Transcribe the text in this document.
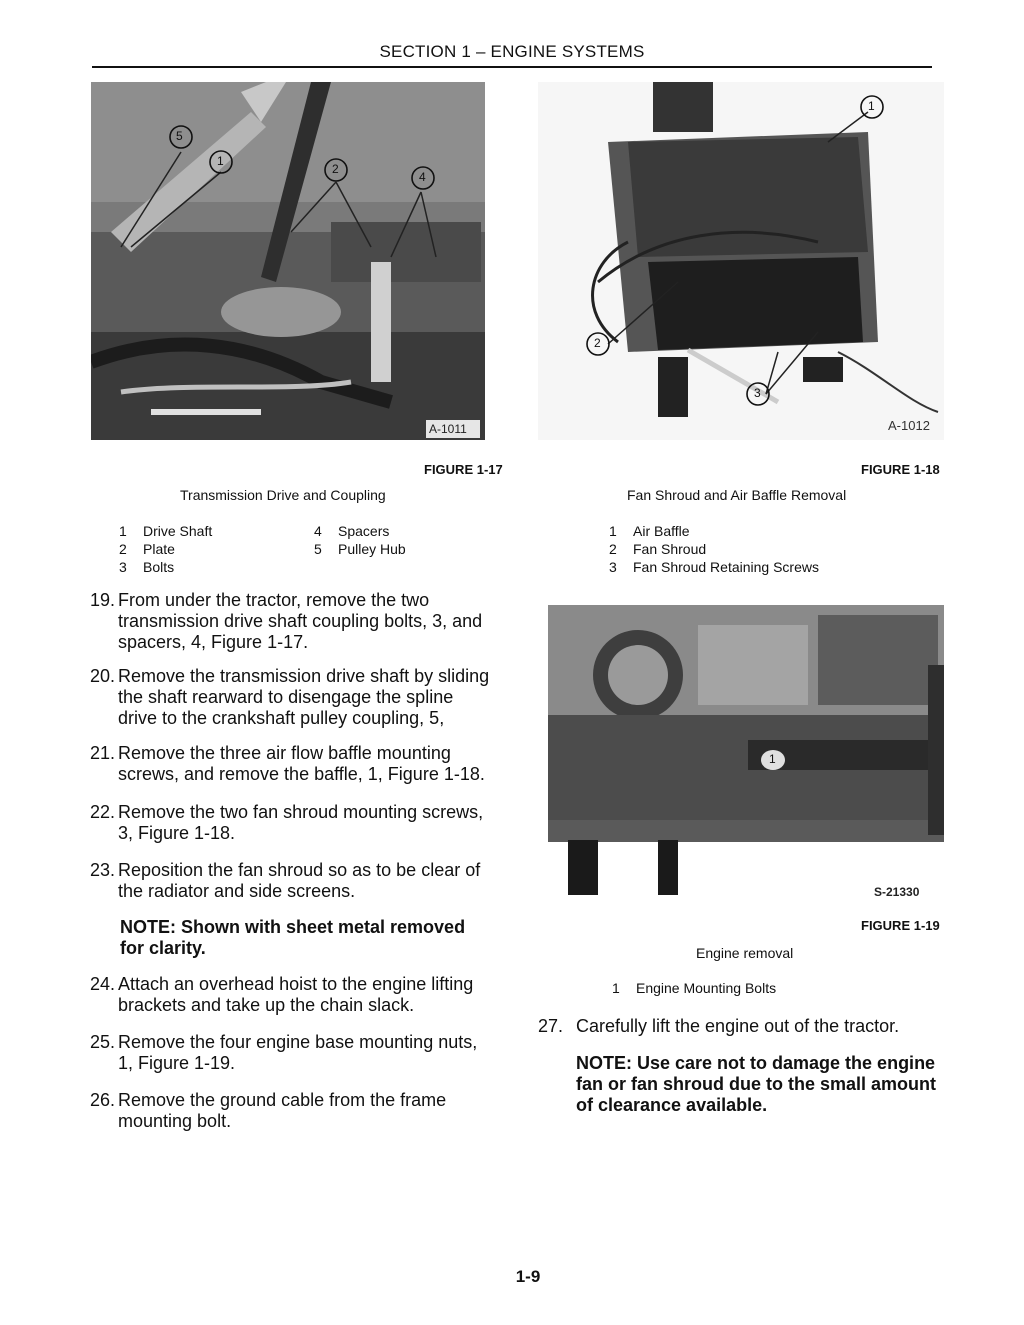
SECTION 1 – ENGINE SYSTEMS
5
1
2
4
A-1011
1
2
3
A-1012
FIGURE 1-17
Transmission Drive and Coupling
1 Drive Shaft
2 Plate
3 Bolts
4 Spacers
5 Pulley Hub
FIGURE 1-18
Fan Shroud and Air Baffle Removal
1 Air Baffle
2 Fan Shroud
3 Fan Shroud Retaining Screws
1
S-21330
FIGURE 1-19
Engine removal
1 Engine Mounting Bolts
19. From under the tractor, remove the two
transmission drive shaft coupling bolts, 3, and
spacers, 4, Figure 1-17.
20. Remove the transmission drive shaft by sliding
the shaft rearward to disengage the spline
drive to the crankshaft pulley coupling, 5,
21. Remove the three air flow baffle mounting
screws, and remove the baffle, 1, Figure 1-18.
22. Remove the two fan shroud mounting screws,
3, Figure 1-18.
23. Reposition the fan shroud so as to be clear of
the radiator and side screens.
NOTE: Shown with sheet metal removed
for clarity.
24. Attach an overhead hoist to the engine lifting
brackets and take up the chain slack.
25. Remove the four engine base mounting nuts,
1, Figure 1-19.
26. Remove the ground cable from the frame
mounting bolt.
27. Carefully lift the engine out of the tractor.
NOTE: Use care not to damage the engine
fan or fan shroud due to the small amount
of clearance available.
1-9
